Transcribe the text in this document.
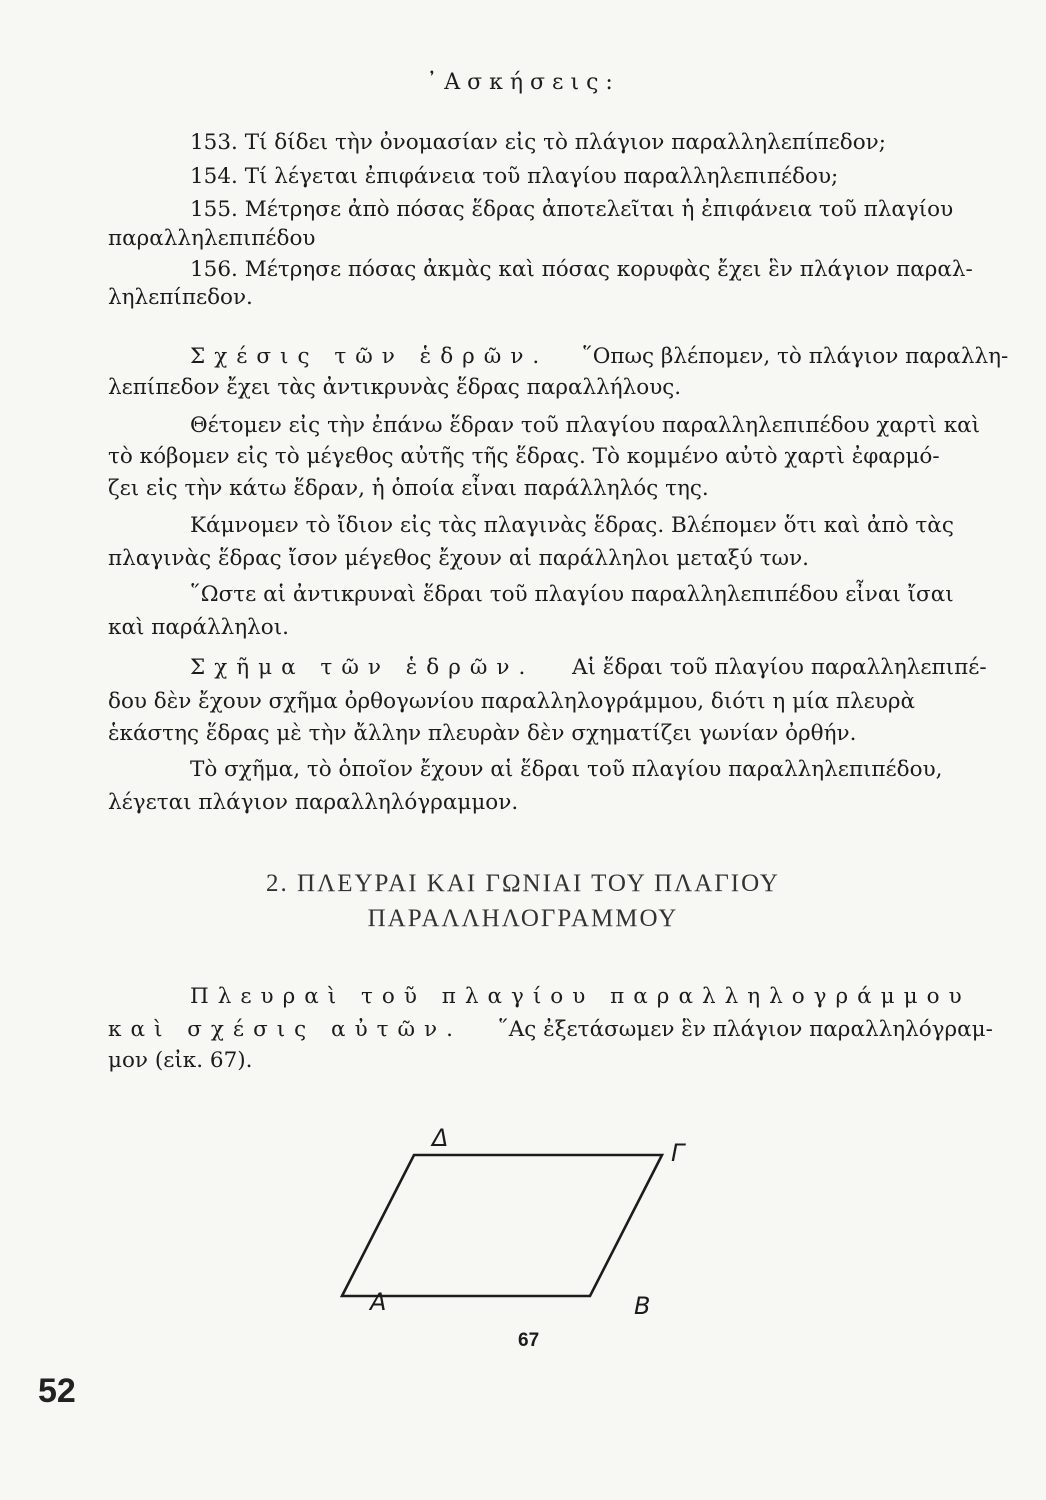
᾿Ασκήσεις:
153. Τί δίδει τὴν ὀνομασίαν εἰς τὸ πλάγιον παραλληλεπίπεδον;
154. Τί λέγεται ἐπιφάνεια τοῦ πλαγίου παραλληλεπιπέδου;
155. Μέτρησε ἀπὸ πόσας ἕδρας ἀποτελεῖται ἡ ἐπιφάνεια τοῦ πλαγίου
παραλληλεπιπέδου
156. Μέτρησε πόσας ἀκμὰς καὶ πόσας κορυφὰς ἔχει ἓν πλάγιον παραλ-
ληλεπίπεδον.
Σχέσις τῶν ἑδρῶν. ῞Οπως βλέπομεν, τὸ πλάγιον παραλλη-
λεπίπεδον ἔχει τὰς ἀντικρυνὰς ἕδρας παραλλήλους.
Θέτομεν εἰς τὴν ἐπάνω ἕδραν τοῦ πλαγίου παραλληλεπιπέδου χαρτὶ καὶ
τὸ κόβομεν εἰς τὸ μέγεθος αὐτῆς τῆς ἕδρας. Τὸ κομμένο αὐτὸ χαρτὶ ἐφαρμό-
ζει εἰς τὴν κάτω ἕδραν, ἡ ὁποία εἶναι παράλληλός της.
Κάμνομεν τὸ ἴδιον εἰς τὰς πλαγινὰς ἕδρας. Βλέπομεν ὅτι καὶ ἀπὸ τὰς
πλαγινὰς ἕδρας ἴσον μέγεθος ἔχουν αἱ παράλληλοι μεταξύ των.
῞Ωστε αἱ ἀντικρυναὶ ἕδραι τοῦ πλαγίου παραλληλεπιπέδου εἶναι ἴσαι
καὶ παράλληλοι.
Σχῆμα τῶν ἑδρῶν. Αἱ ἕδραι τοῦ πλαγίου παραλληλεπιπέ-
δου δὲν ἔχουν σχῆμα ὀρθογωνίου παραλληλογράμμου, διότι η μία πλευρὰ
ἑκάστης ἕδρας μὲ τὴν ἄλλην πλευρὰν δὲν σχηματίζει γωνίαν ὀρθήν.
Τὸ σχῆμα, τὸ ὁποῖον ἔχουν αἱ ἕδραι τοῦ πλαγίου παραλληλεπιπέδου,
λέγεται πλάγιον παραλληλόγραμμον.
2. ΠΛΕΥΡΑΙ ΚΑΙ ΓΩΝΙΑΙ ΤΟΥ ΠΛΑΓΙΟΥ
ΠΑΡΑΛΛΗΛΟΓΡΑΜΜΟΥ
Πλευραὶ τοῦ πλαγίου παραλληλογράμμου
καὶ σχέσις αὐτῶν. ῞Ας ἐξετάσωμεν ἓν πλάγιον παραλληλόγραμ-
μον (εἰκ. 67).
Δ
Γ
A	B
67
52
